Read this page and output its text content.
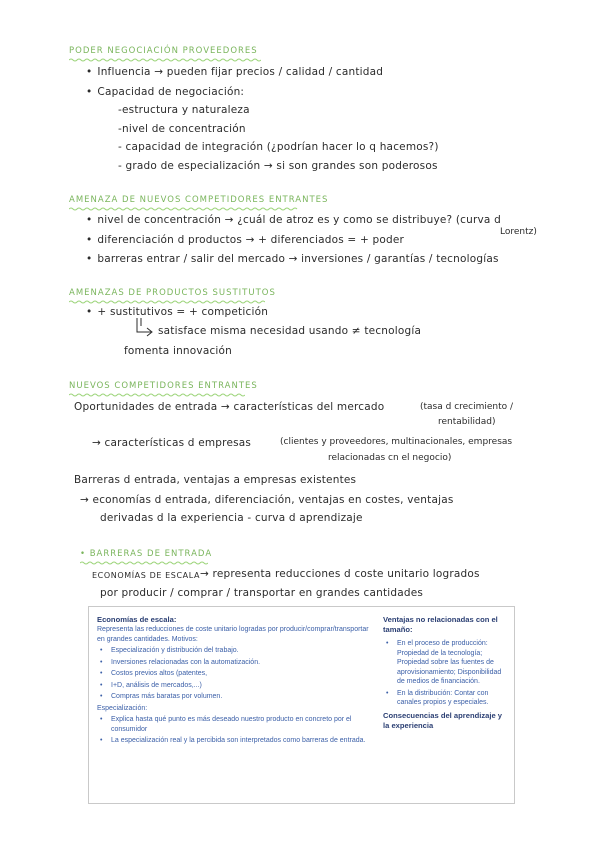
PODER NEGOCIACIÓN PROVEEDORES
• Influencia → pueden fijar precios / calidad / cantidad
• Capacidad de negociación:
-estructura y naturaleza
-nivel de concentración
- capacidad de integración (¿podrían hacer lo q hacemos?)
- grado de especialización → si son grandes son poderosos
AMENAZA DE NUEVOS COMPETIDORES ENTRANTES
• nivel de concentración → ¿cuál de atroz es y como se distribuye? (curva d
Lorentz)
• diferenciación d productos → + diferenciados = + poder
• barreras entrar / salir del mercado → inversiones / garantías / tecnologías
AMENAZAS DE PRODUCTOS SUSTITUTOS
• + sustitutivos = + competición
satisface misma necesidad usando ≠ tecnología
fomenta innovación
NUEVOS COMPETIDORES ENTRANTES
Oportunidades de entrada → características del mercado	(tasa d crecimiento /
rentabilidad)
→ características d empresas	(clientes y proveedores, multinacionales, empresas
relacionadas cn el negocio)
Barreras d entrada, ventajas a empresas existentes
→ economías d entrada, diferenciación, ventajas en costes, ventajas
derivadas d la experiencia - curva d aprendizaje
• BARRERAS DE ENTRADA
ECONOMÍAS DE ESCALA → representa reducciones d coste unitario logrados
por producir / comprar / transportar en grandes cantidades
Economías de escala:
Representa las reducciones de coste unitario logradas por producir/comprar/transportar en grandes cantidades. Motivos:
• Especialización y distribución del trabajo.
• Inversiones relacionadas con la automatización.
• Costos previos altos (patentes,
• I+D, análisis de mercados,...)
• Compras más baratas por volumen.
Especialización:
• Explica hasta qué punto es más deseado nuestro producto en concreto por el consumidor
• La especialización real y la percibida son interpretados como barreras de entrada.
Ventajas no relacionadas con el tamaño:
• En el proceso de producción: Propiedad de la tecnología; Propiedad sobre las fuentes de aprovisionamiento; Disponibilidad de medios de financiación.
• En la distribución: Contar con canales propios y especiales.
Consecuencias del aprendizaje y la experiencia
